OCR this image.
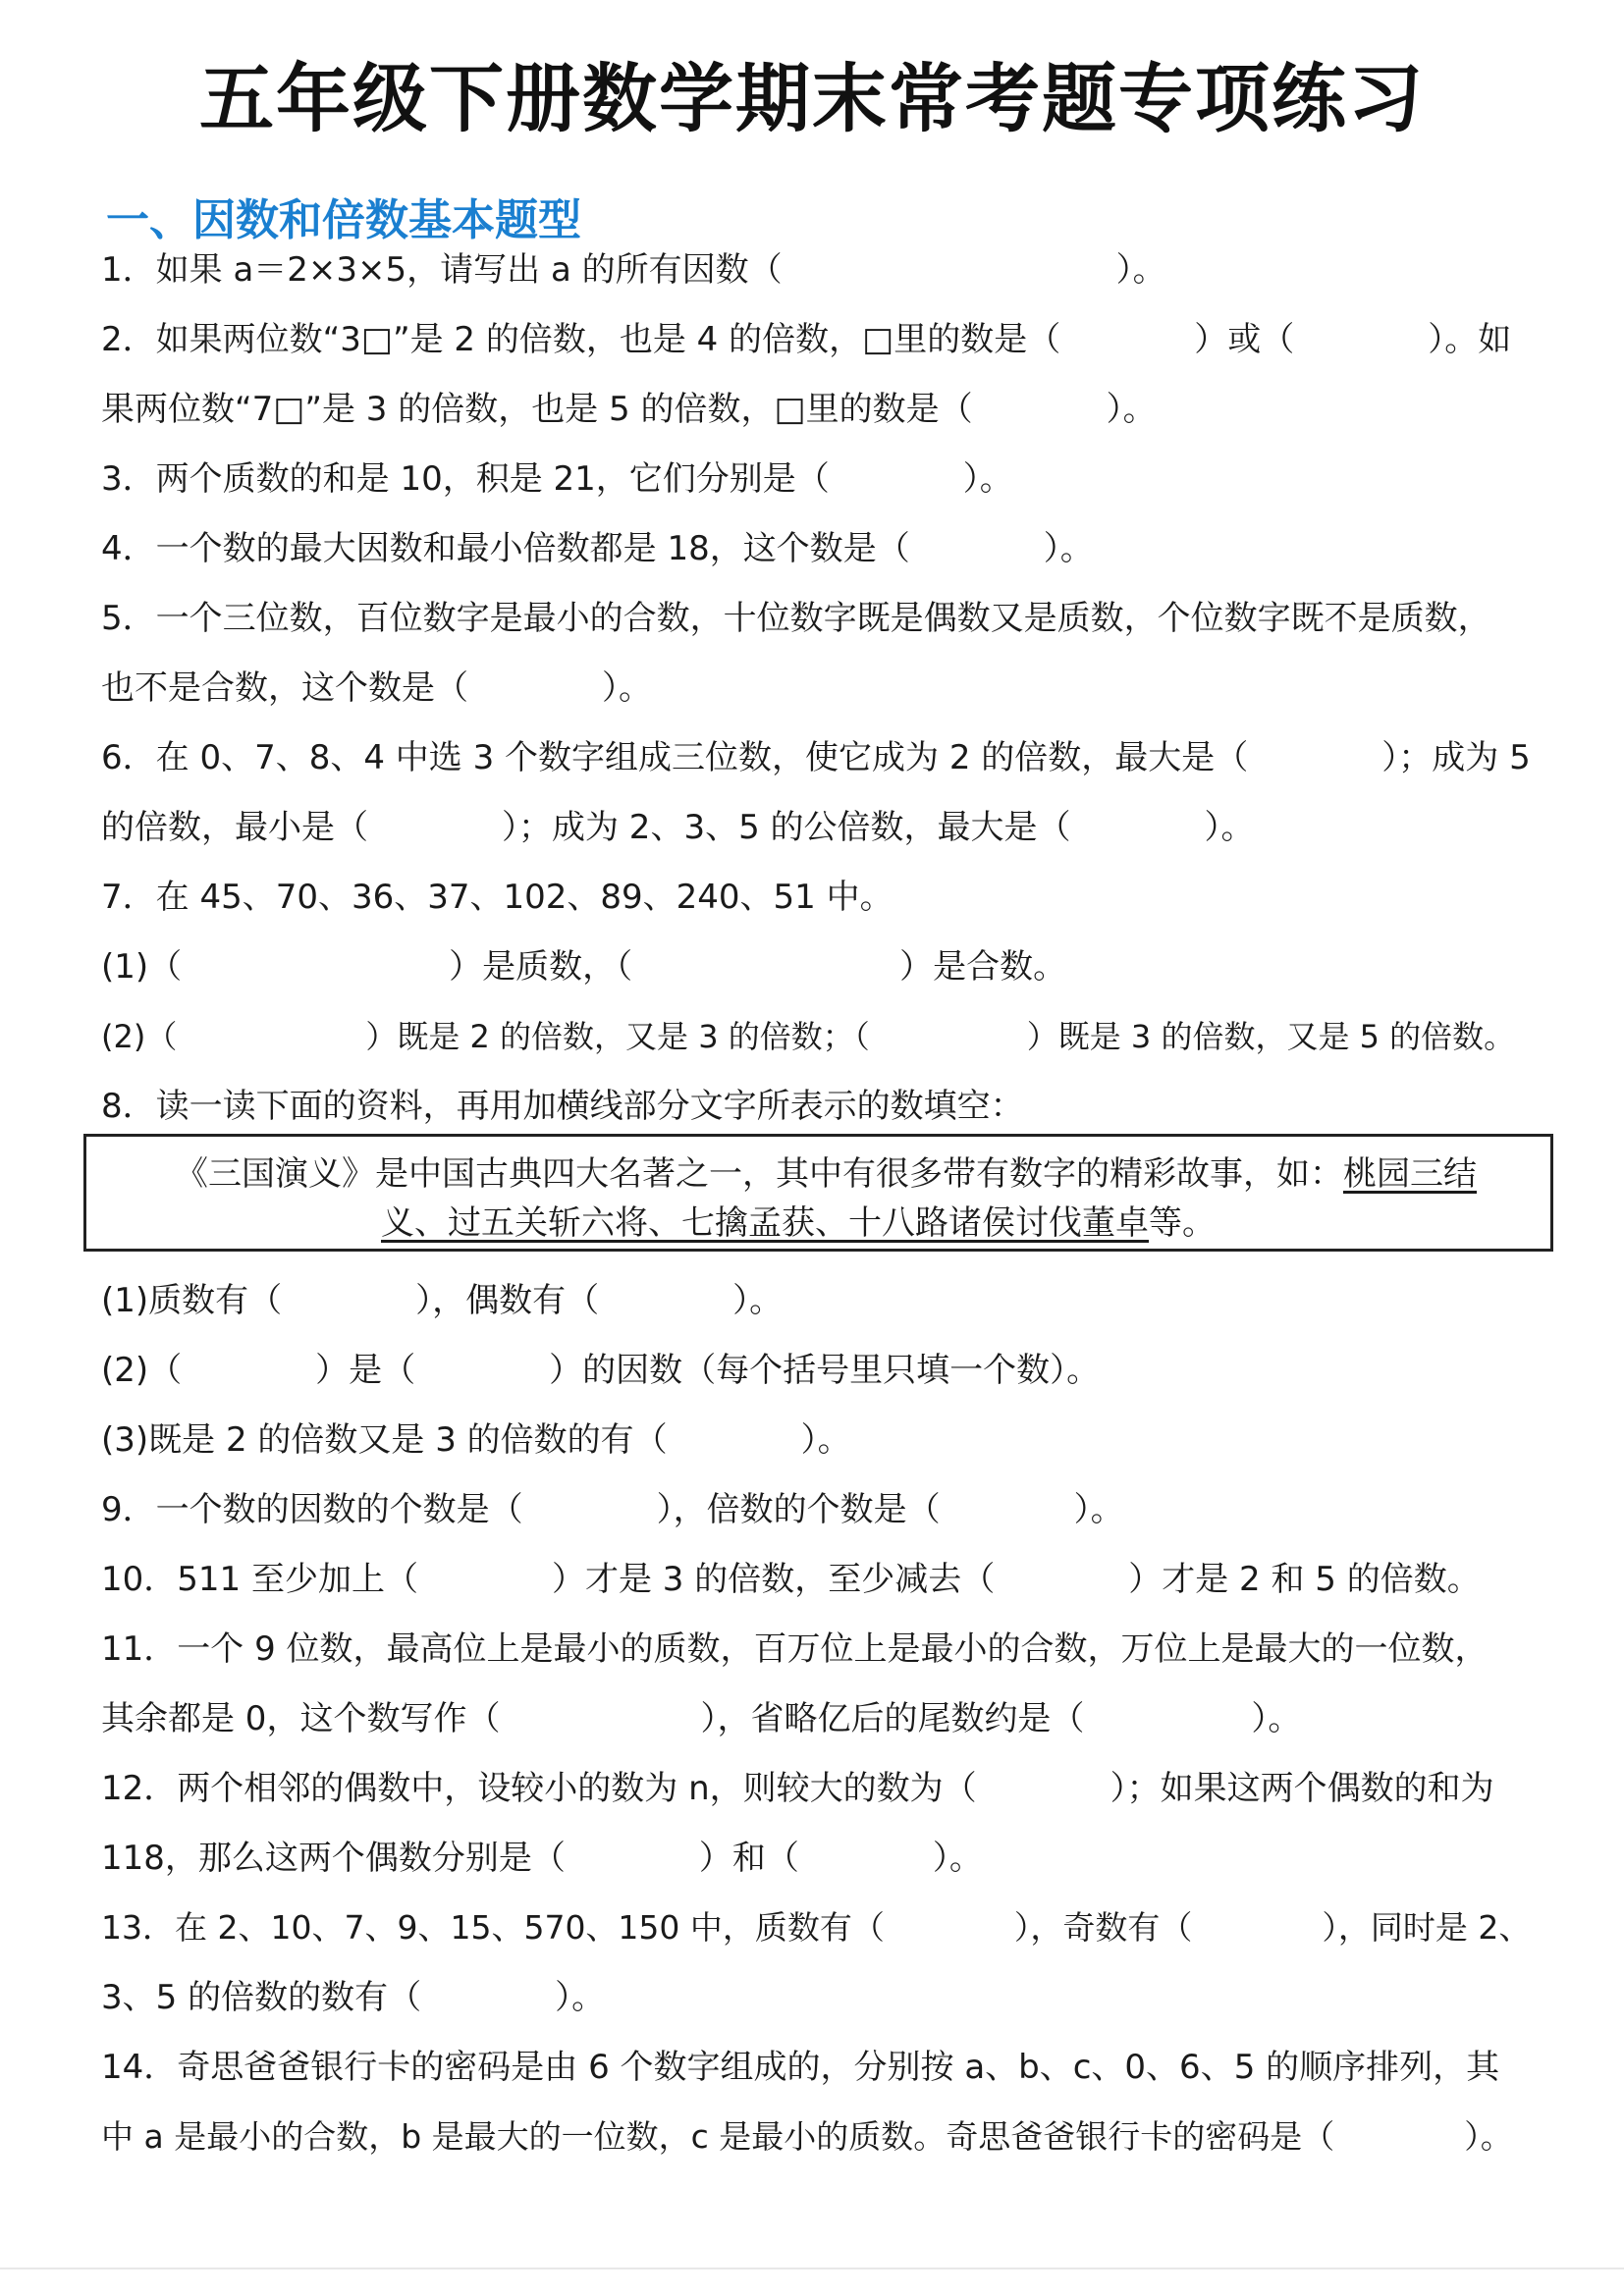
五年级下册数学期末常考题专项练习
一、因数和倍数基本题型
1．如果 a＝2×3×5，请写出 a 的所有因数（　　　　　　　　　　）。
2．如果两位数“3□”是 2 的倍数，也是 4 的倍数，□里的数是（　　　　）或（　　　　）。如
果两位数“7□”是 3 的倍数，也是 5 的倍数，□里的数是（　　　　）。
3．两个质数的和是 10，积是 21，它们分别是（　　　　）。
4．一个数的最大因数和最小倍数都是 18，这个数是（　　　　）。
5．一个三位数，百位数字是最小的合数，十位数字既是偶数又是质数，个位数字既不是质数，
也不是合数，这个数是（　　　　）。
6．在 0、7、8、4 中选 3 个数字组成三位数，使它成为 2 的倍数，最大是（　　　　）；成为 5
的倍数，最小是（　　　　）；成为 2、3、5 的公倍数，最大是（　　　　）。
7．在 45、70、36、37、102、89、240、51 中。
(1)（　　　　　　　　）是质数，（　　　　　　　　）是合数。
(2)（　　　　　　）既是 2 的倍数，又是 3 的倍数；（　　　　　）既是 3 的倍数，又是 5 的倍数。
8．读一读下面的资料，再用加横线部分文字所表示的数填空：
《三国演义》是中国古典四大名著之一，其中有很多带有数字的精彩故事，如：桃园三结
义、过五关斩六将、七擒孟获、十八路诸侯讨伐董卓等。
(1)质数有（　　　　），偶数有（　　　　）。
(2)（　　　　）是（　　　　）的因数（每个括号里只填一个数）。
(3)既是 2 的倍数又是 3 的倍数的有（　　　　）。
9．一个数的因数的个数是（　　　　），倍数的个数是（　　　　）。
10．511 至少加上（　　　　）才是 3 的倍数，至少减去（　　　　）才是 2 和 5 的倍数。
11．一个 9 位数，最高位上是最小的质数，百万位上是最小的合数，万位上是最大的一位数，
其余都是 0，这个数写作（　　　　　　），省略亿后的尾数约是（　　　　　）。
12．两个相邻的偶数中，设较小的数为 n，则较大的数为（　　　　）；如果这两个偶数的和为
118，那么这两个偶数分别是（　　　　）和（　　　　）。
13．在 2、10、7、9、15、570、150 中，质数有（　　　　），奇数有（　　　　），同时是 2、
3、5 的倍数的数有（　　　　）。
14．奇思爸爸银行卡的密码是由 6 个数字组成的，分别按 a、b、c、0、6、5 的顺序排列，其
中 a 是最小的合数，b 是最大的一位数，c 是最小的质数。奇思爸爸银行卡的密码是（　　　　）。
